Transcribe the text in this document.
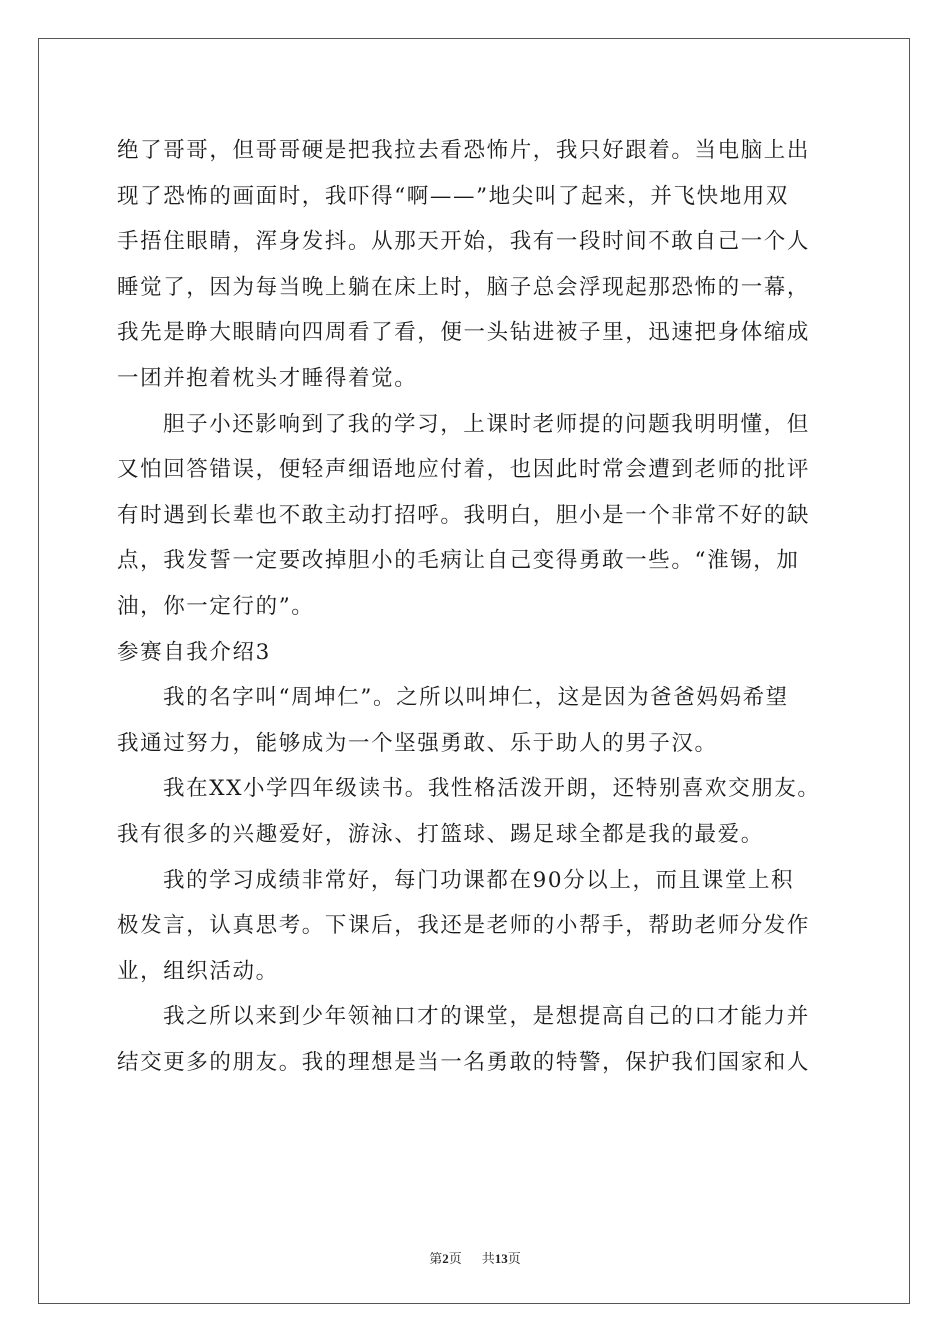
绝了哥哥，但哥哥硬是把我拉去看恐怖片，我只好跟着。当电脑上出
现了恐怖的画面时，我吓得“啊——”地尖叫了起来，并飞快地用双
手捂住眼睛，浑身发抖。从那天开始，我有一段时间不敢自己一个人
睡觉了，因为每当晚上躺在床上时，脑子总会浮现起那恐怖的一幕，
我先是睁大眼睛向四周看了看，便一头钻进被子里，迅速把身体缩成
一团并抱着枕头才睡得着觉。
胆子小还影响到了我的学习，上课时老师提的问题我明明懂，但
又怕回答错误，便轻声细语地应付着，也因此时常会遭到老师的批评
有时遇到长辈也不敢主动打招呼。我明白，胆小是一个非常不好的缺
点，我发誓一定要改掉胆小的毛病让自己变得勇敢一些。“淮锡，加
油，你一定行的”。
参赛自我介绍3
我的名字叫“周坤仁”。之所以叫坤仁，这是因为爸爸妈妈希望
我通过努力，能够成为一个坚强勇敢、乐于助人的男子汉。
我在XX小学四年级读书。我性格活泼开朗，还特别喜欢交朋友。
我有很多的兴趣爱好，游泳、打篮球、踢足球全都是我的最爱。
我的学习成绩非常好，每门功课都在90分以上，而且课堂上积
极发言，认真思考。下课后，我还是老师的小帮手，帮助老师分发作
业，组织活动。
我之所以来到少年领袖口才的课堂，是想提高自己的口才能力并
结交更多的朋友。我的理想是当一名勇敢的特警，保护我们国家和人
第2页 共13页
